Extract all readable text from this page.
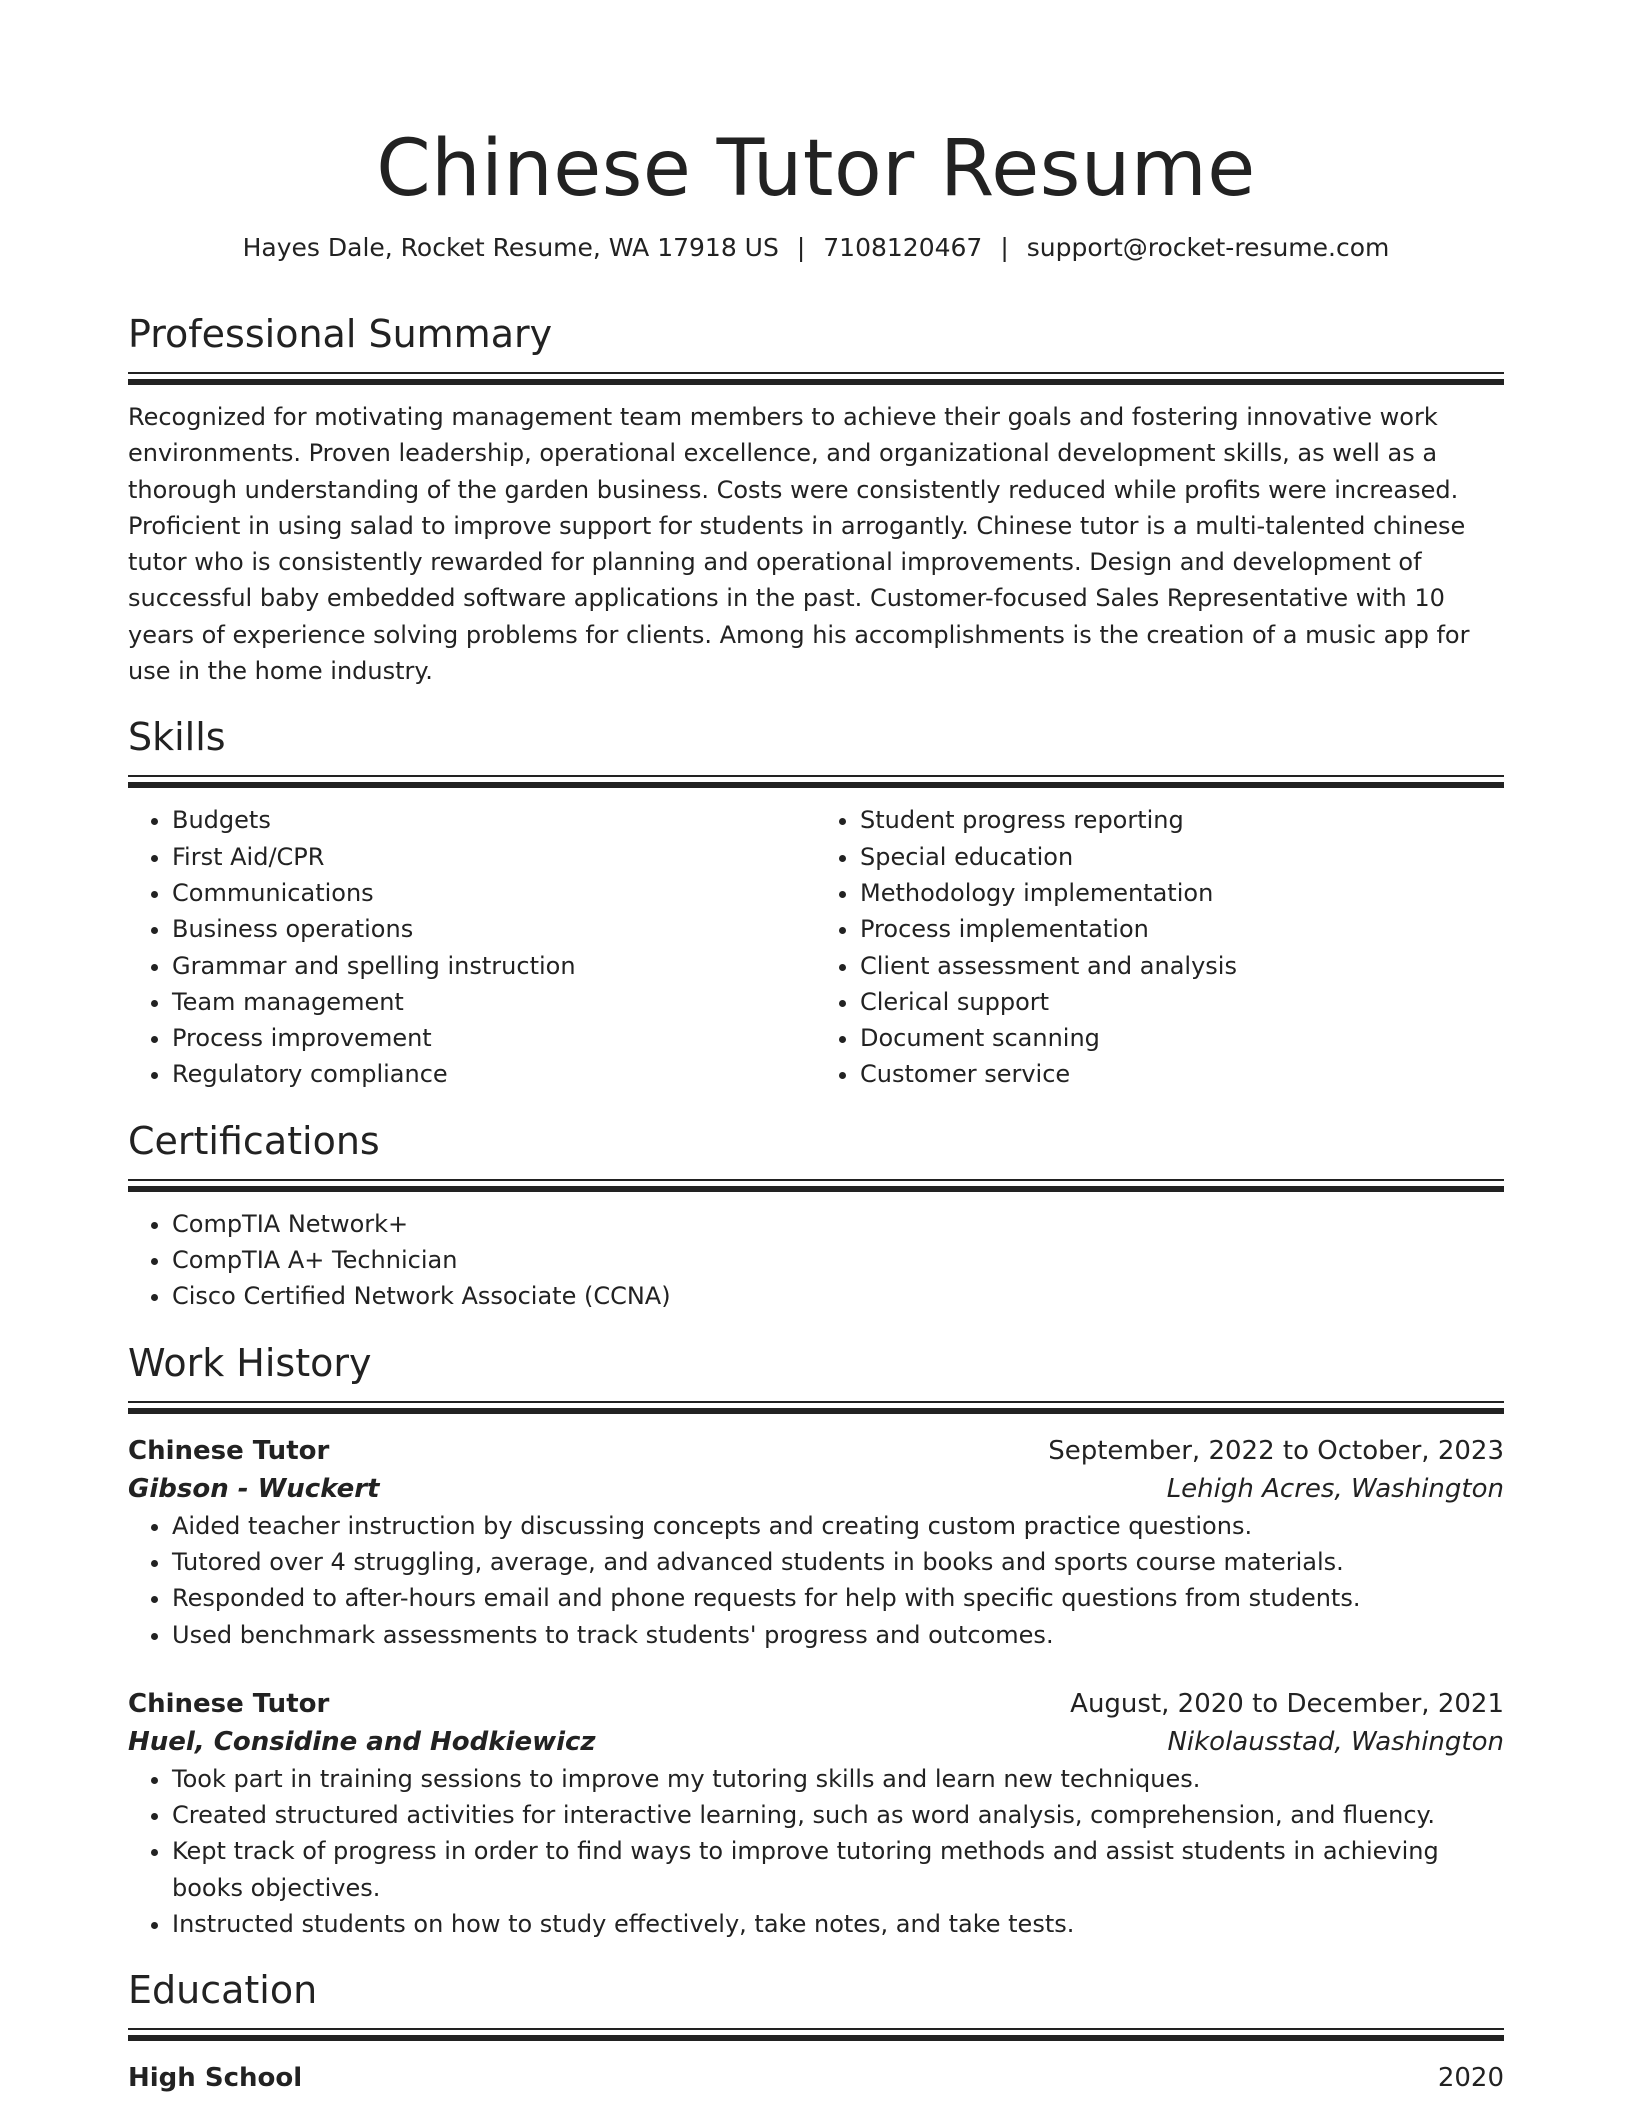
Chinese Tutor Resume
Hayes Dale, Rocket Resume, WA 17918 US | 7108120467 | support@rocket-resume.com
Professional Summary

Recognized for motivating management team members to achieve their goals and fostering innovative work environments. Proven leadership, operational excellence, and organizational development skills, as well as a thorough understanding of the garden business. Costs were consistently reduced while profits were increased. Proficient in using salad to improve support for students in arrogantly. Chinese tutor is a multi-talented chinese tutor who is consistently rewarded for planning and operational improvements. Design and development of successful baby embedded software applications in the past. Customer-focused Sales Representative with 10 years of experience solving problems for clients. Among his accomplishments is the creation of a music app for use in the home industry.

Skills
• Budgets
• First Aid/CPR
• Communications
• Business operations
• Grammar and spelling instruction
• Team management
• Process improvement
• Regulatory compliance
• Student progress reporting
• Special education
• Methodology implementation
• Process implementation
• Client assessment and analysis
• Clerical support
• Document scanning
• Customer service
Certifications
• CompTIA Network+
• CompTIA A+ Technician
• Cisco Certified Network Associate (CCNA)
Work History
Chinese Tutor	September, 2022 to October, 2023
Gibson - Wuckert	Lehigh Acres, Washington
• Aided teacher instruction by discussing concepts and creating custom practice questions.
• Tutored over 4 struggling, average, and advanced students in books and sports course materials.
• Responded to after-hours email and phone requests for help with specific questions from students.
• Used benchmark assessments to track students' progress and outcomes.
Chinese Tutor	August, 2020 to December, 2021
Huel, Considine and Hodkiewicz	Nikolausstad, Washington
• Took part in training sessions to improve my tutoring skills and learn new techniques.
• Created structured activities for interactive learning, such as word analysis, comprehension, and fluency.
• Kept track of progress in order to find ways to improve tutoring methods and assist students in achieving books objectives.
• Instructed students on how to study effectively, take notes, and take tests.
Education
High School	2020
